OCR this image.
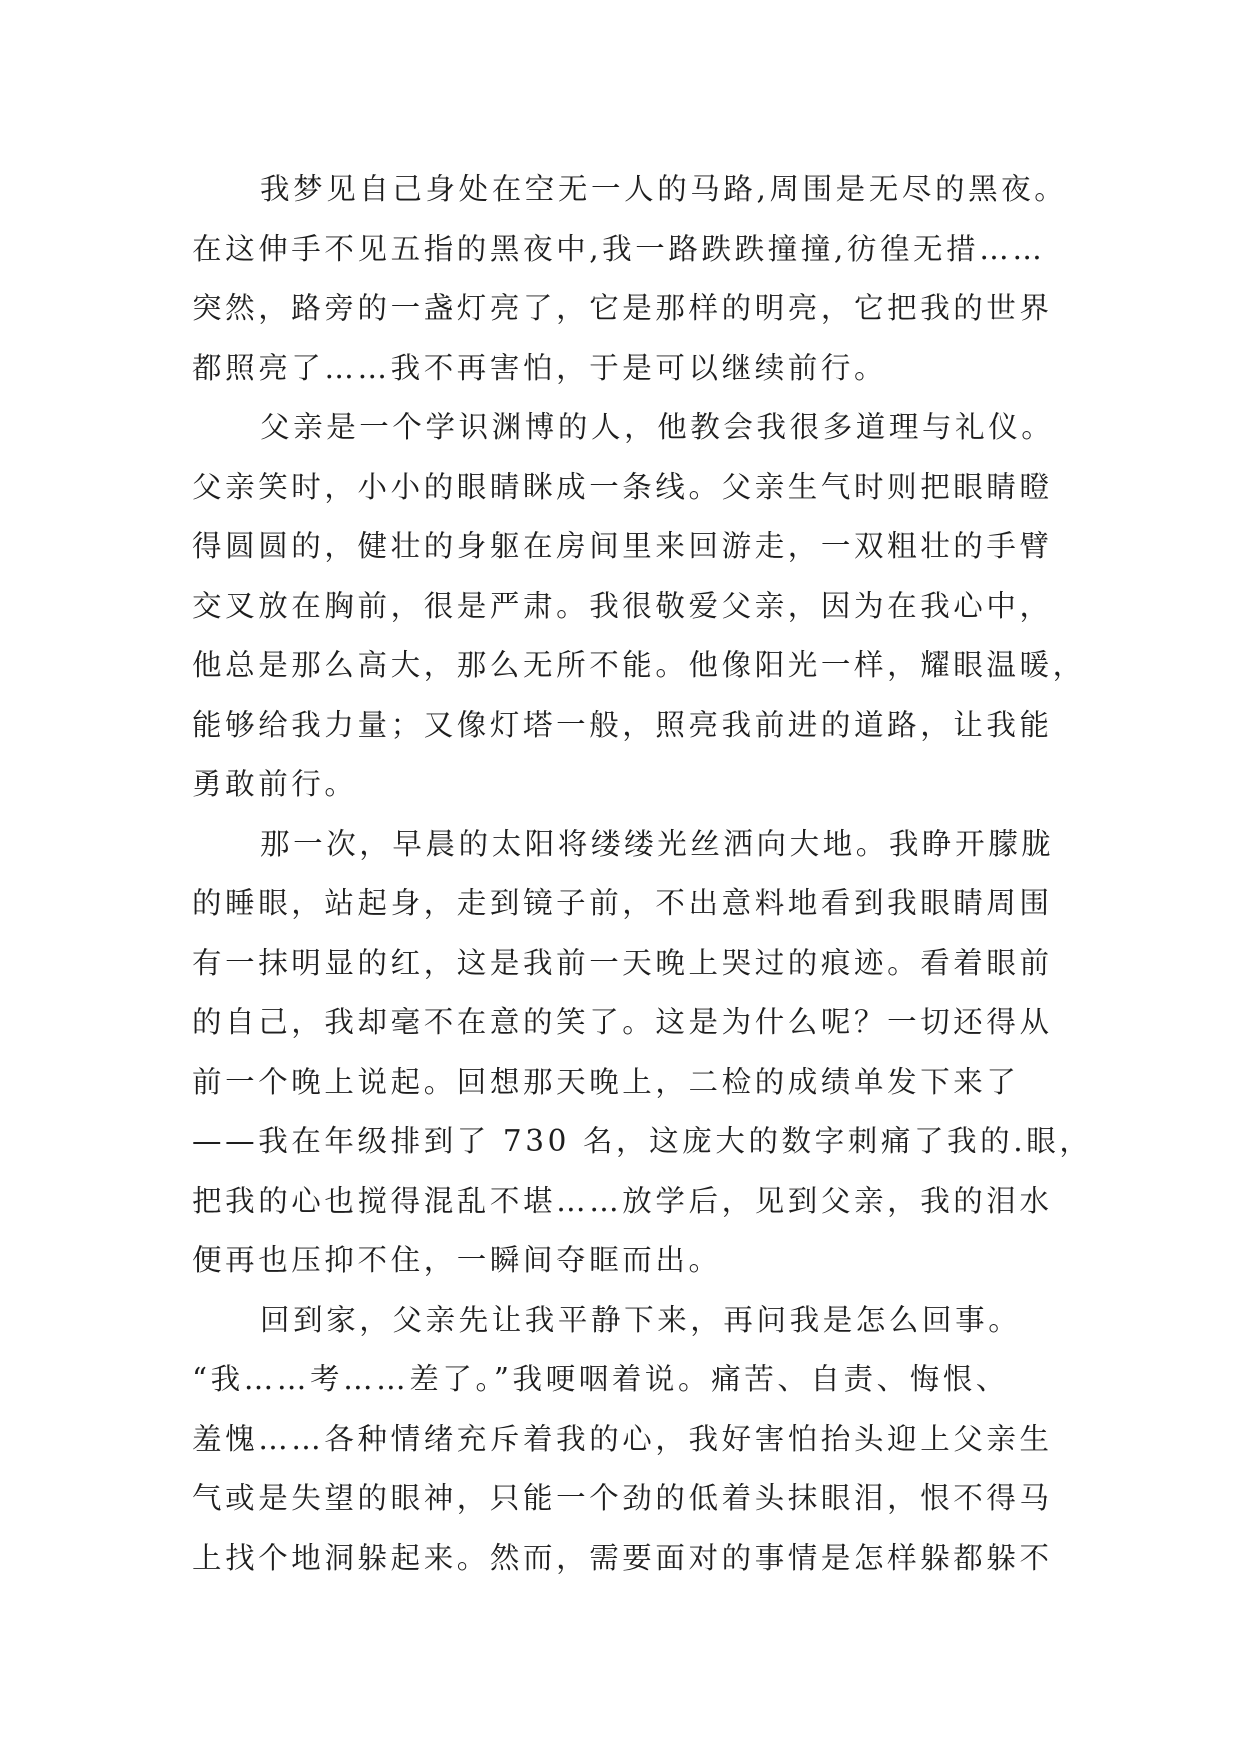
我梦见自己身处在空无一人的马路,周围是无尽的黑夜。
在这伸手不见五指的黑夜中,我一路跌跌撞撞,彷徨无措……
突然，路旁的一盏灯亮了，它是那样的明亮，它把我的世界
都照亮了……我不再害怕，于是可以继续前行。
父亲是一个学识渊博的人，他教会我很多道理与礼仪。
父亲笑时，小小的眼睛眯成一条线。父亲生气时则把眼睛瞪
得圆圆的，健壮的身躯在房间里来回游走，一双粗壮的手臂
交叉放在胸前，很是严肃。我很敬爱父亲，因为在我心中，
他总是那么高大，那么无所不能。他像阳光一样，耀眼温暖，
能够给我力量；又像灯塔一般，照亮我前进的道路，让我能
勇敢前行。
那一次，早晨的太阳将缕缕光丝洒向大地。我睁开朦胧
的睡眼，站起身，走到镜子前，不出意料地看到我眼睛周围
有一抹明显的红，这是我前一天晚上哭过的痕迹。看着眼前
的自己，我却毫不在意的笑了。这是为什么呢？一切还得从
前一个晚上说起。回想那天晚上，二检的成绩单发下来了
——我在年级排到了 730 名，这庞大的数字刺痛了我的.眼，
把我的心也搅得混乱不堪……放学后，见到父亲，我的泪水
便再也压抑不住，一瞬间夺眶而出。
回到家，父亲先让我平静下来，再问我是怎么回事。
“我……考……差了。”我哽咽着说。痛苦、自责、悔恨、
羞愧……各种情绪充斥着我的心，我好害怕抬头迎上父亲生
气或是失望的眼神，只能一个劲的低着头抹眼泪，恨不得马
上找个地洞躲起来。然而，需要面对的事情是怎样躲都躲不
